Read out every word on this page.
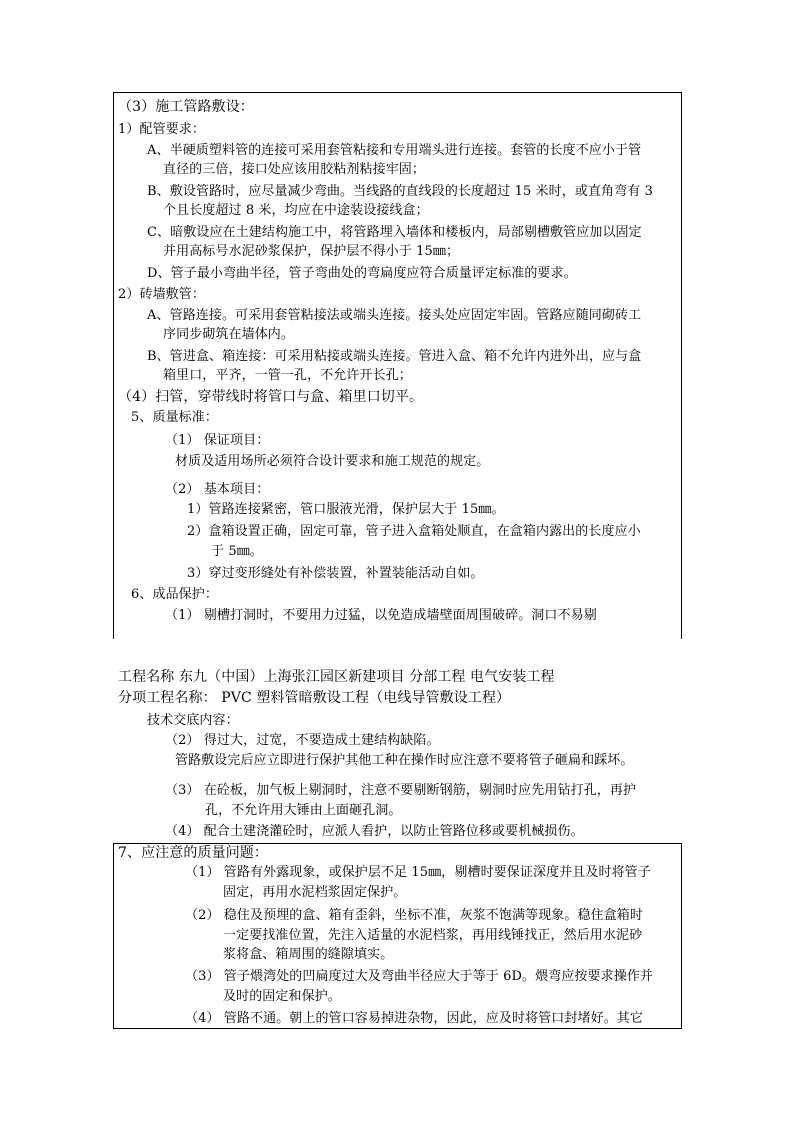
（3）施工管路敷设：
1）配管要求：
A、半硬质塑料管的连接可采用套管粘接和专用端头进行连接。套管的长度不应小于管
直径的三倍，接口处应该用胶粘剂粘接牢固；
B、敷设管路时，应尽量减少弯曲。当线路的直线段的长度超过 15 米时，或直角弯有 3
个且长度超过 8 米，均应在中途装设接线盒；
C、暗敷设应在土建结构施工中，将管路埋入墙体和楼板内，局部剔槽敷管应加以固定
并用高标号水泥砂浆保护，保护层不得小于 15㎜；
D、管子最小弯曲半径，管子弯曲处的弯扁度应符合质量评定标准的要求。
2）砖墙敷管：
A、管路连接。可采用套管粘接法或端头连接。接头处应固定牢固。管路应随同砌砖工
序同步砌筑在墙体内。
B、管进盒、箱连接：可采用粘接或端头连接。管进入盒、箱不允许内进外出，应与盒
箱里口，平齐，一管一孔，不允许开长孔；
（4）扫管，穿带线时将管口与盒、箱里口切平。
5、质量标准：
（1） 保证项目：
材质及适用场所必须符合设计要求和施工规范的规定。
（2） 基本项目：
1）管路连接紧密，管口服液光滑，保护层大于 15㎜。
2）盒箱设置正确，固定可靠，管子进入盒箱处顺直，在盒箱内露出的长度应小
于 5㎜。
3）穿过变形缝处有补偿装置，补置装能活动自如。
6、成品保护：
（1） 剔槽打洞时，不要用力过猛，以免造成墙壁面周围破碎。洞口不易剔
工程名称 东九（中国）上海张江园区新建项目 分部工程 电气安装工程
分项工程名称： PVC 塑料管暗敷设工程（电线导管敷设工程）
技术交底内容：
（2） 得过大，过宽，不要造成土建结构缺陷。
管路敷设完后应立即进行保护其他工种在操作时应注意不要将管子砸扁和踩坏。
（3） 在砼板，加气板上剔洞时，注意不要剔断钢筋，剔洞时应先用钻打孔，再护
孔，不允许用大锤由上面砸孔洞。
（4） 配合土建浇灌砼时，应派人看护，以防止管路位移或要机械损伤。
7、应注意的质量问题：
（1） 管路有外露现象，或保护层不足 15㎜，剔槽时要保证深度并且及时将管子
固定，再用水泥档浆固定保护。
（2） 稳住及预埋的盒、箱有歪斜，坐标不准，灰浆不饱满等现象。稳住盒箱时
一定要找准位置，先注入适量的水泥档浆，再用线锤找正，然后用水泥砂
浆将盒、箱周围的缝隙填实。
（3） 管子煨湾处的凹扁度过大及弯曲半径应大于等于 6D。煨弯应按要求操作并
及时的固定和保护。
（4） 管路不通。朝上的管口容易掉进杂物，因此，应及时将管口封堵好。其它
